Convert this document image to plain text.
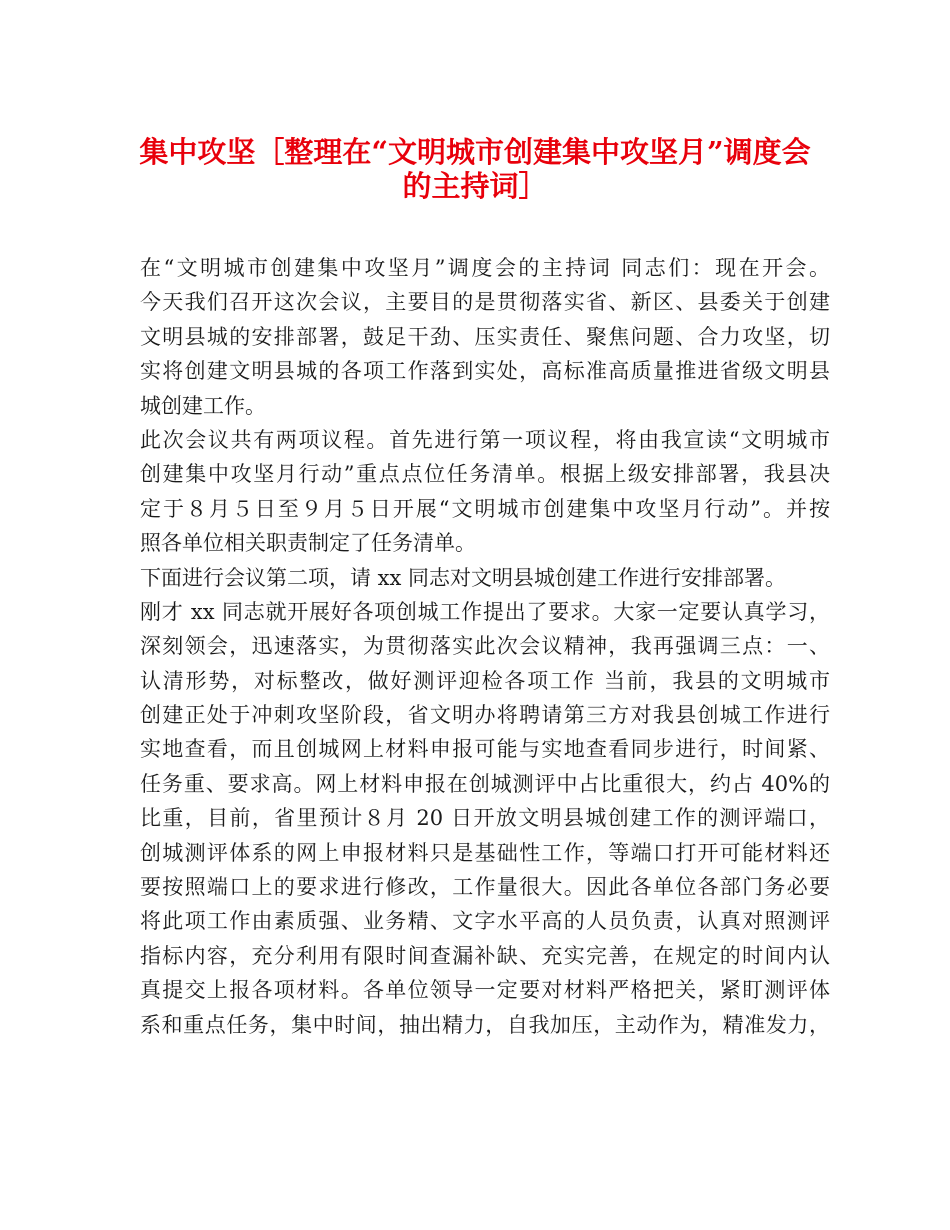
集中攻坚［整理在“文明城市创建集中攻坚月”调度会
的主持词］
在“文明城市创建集中攻坚月”调度会的主持词 同志们：现在开会。
今天我们召开这次会议，主要目的是贯彻落实省、新区、县委关于创建
文明县城的安排部署，鼓足干劲、压实责任、聚焦问题、合力攻坚，切
实将创建文明县城的各项工作落到实处，高标准高质量推进省级文明县
城创建工作。
此次会议共有两项议程。首先进行第一项议程，将由我宣读“文明城市
创建集中攻坚月行动”重点点位任务清单。根据上级安排部署，我县决
定于８月５日至９月５日开展“文明城市创建集中攻坚月行动”。并按
照各单位相关职责制定了任务清单。
下面进行会议第二项，请 xx 同志对文明县城创建工作进行安排部署。
刚才 xx 同志就开展好各项创城工作提出了要求。大家一定要认真学习，
深刻领会，迅速落实，为贯彻落实此次会议精神，我再强调三点：一、
认清形势，对标整改，做好测评迎检各项工作 当前，我县的文明城市
创建正处于冲刺攻坚阶段，省文明办将聘请第三方对我县创城工作进行
实地查看，而且创城网上材料申报可能与实地查看同步进行，时间紧、
任务重、要求高。网上材料申报在创城测评中占比重很大，约占 40%的
比重，目前，省里预计８月 20 日开放文明县城创建工作的测评端口，
创城测评体系的网上申报材料只是基础性工作，等端口打开可能材料还
要按照端口上的要求进行修改，工作量很大。因此各单位各部门务必要
将此项工作由素质强、业务精、文字水平高的人员负责，认真对照测评
指标内容，充分利用有限时间查漏补缺、充实完善，在规定的时间内认
真提交上报各项材料。各单位领导一定要对材料严格把关，紧盯测评体
系和重点任务，集中时间，抽出精力，自我加压，主动作为，精准发力，
